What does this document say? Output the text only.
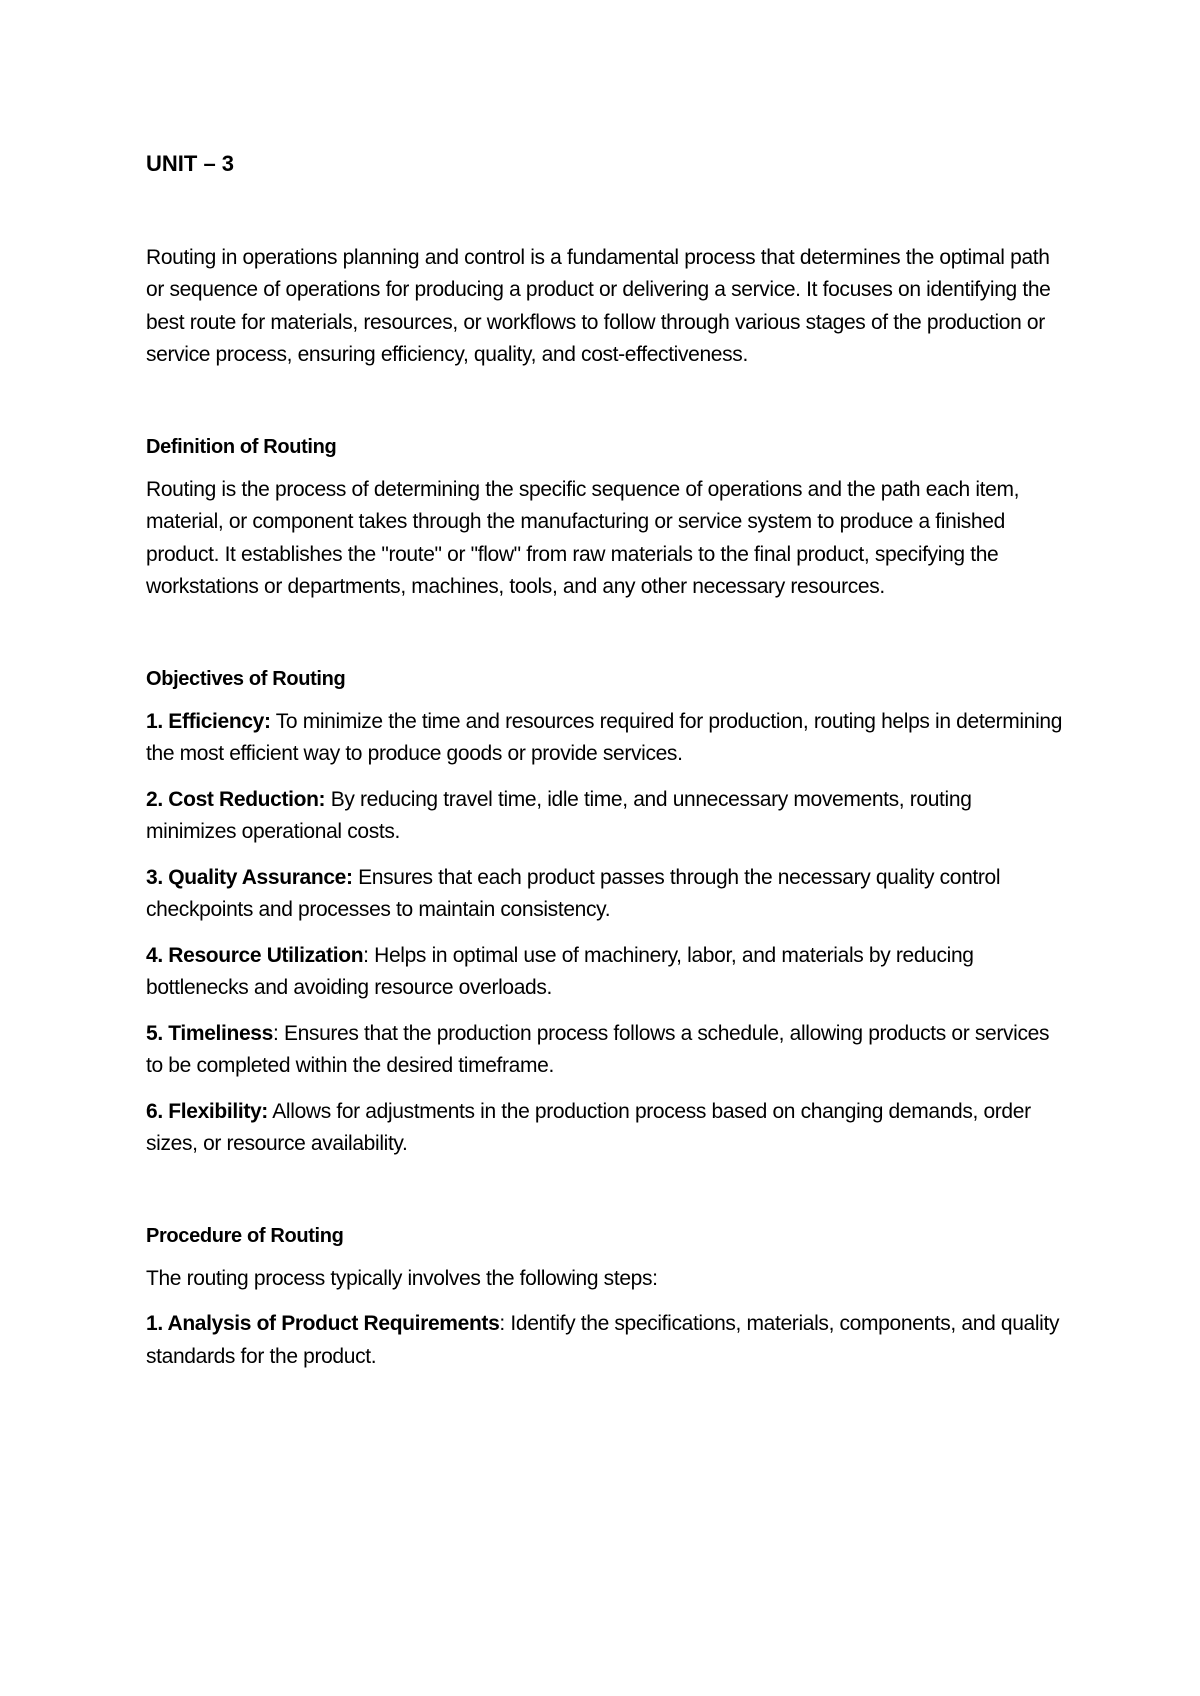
UNIT – 3

Routing in operations planning and control is a fundamental process that determines the optimal path or sequence of operations for producing a product or delivering a service. It focuses on identifying the best route for materials, resources, or workflows to follow through various stages of the production or service process, ensuring efficiency, quality, and cost-effectiveness.

Definition of Routing

Routing is the process of determining the specific sequence of operations and the path each item, material, or component takes through the manufacturing or service system to produce a finished product. It establishes the "route" or "flow" from raw materials to the final product, specifying the workstations or departments, machines, tools, and any other necessary resources.

Objectives of Routing

1. Efficiency: To minimize the time and resources required for production, routing helps in determining the most efficient way to produce goods or provide services.

2. Cost Reduction: By reducing travel time, idle time, and unnecessary movements, routing minimizes operational costs.

3. Quality Assurance: Ensures that each product passes through the necessary quality control checkpoints and processes to maintain consistency.

4. Resource Utilization: Helps in optimal use of machinery, labor, and materials by reducing bottlenecks and avoiding resource overloads.

5. Timeliness: Ensures that the production process follows a schedule, allowing products or services to be completed within the desired timeframe.

6. Flexibility: Allows for adjustments in the production process based on changing demands, order sizes, or resource availability.

Procedure of Routing

The routing process typically involves the following steps:

1. Analysis of Product Requirements: Identify the specifications, materials, components, and quality standards for the product.
